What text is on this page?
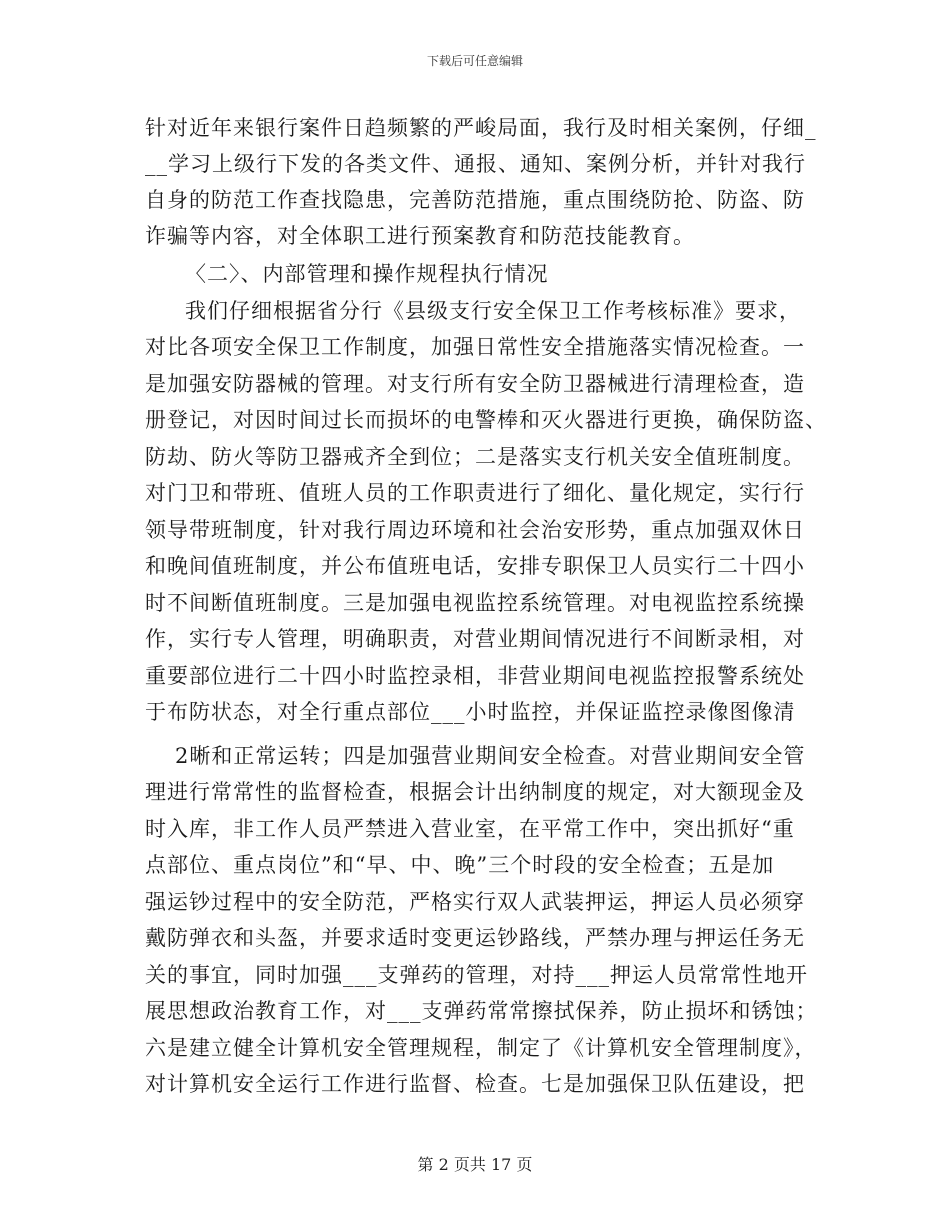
下载后可任意编辑
针对近年来银行案件日趋频繁的严峻局面，我行及时相关案例，仔细_
__学习上级行下发的各类文件、通报、通知、案例分析，并针对我行
自身的防范工作查找隐患，完善防范措施，重点围绕防抢、防盗、防
诈骗等内容，对全体职工进行预案教育和防范技能教育。
〈二〉、内部管理和操作规程执行情况
我们仔细根据省分行《县级支行安全保卫工作考核标准》要求，
对比各项安全保卫工作制度，加强日常性安全措施落实情况检查。一
是加强安防器械的管理。对支行所有安全防卫器械进行清理检查，造
册登记，对因时间过长而损坏的电警棒和灭火器进行更换，确保防盗、
防劫、防火等防卫器戒齐全到位；二是落实支行机关安全值班制度。
对门卫和带班、值班人员的工作职责进行了细化、量化规定，实行行
领导带班制度，针对我行周边环境和社会治安形势，重点加强双休日
和晚间值班制度，并公布值班电话，安排专职保卫人员实行二十四小
时不间断值班制度。三是加强电视监控系统管理。对电视监控系统操
作，实行专人管理，明确职责，对营业期间情况进行不间断录相，对
重要部位进行二十四小时监控录相，非营业期间电视监控报警系统处
于布防状态，对全行重点部位___小时监控，并保证监控录像图像清
2晰和正常运转；四是加强营业期间安全检查。对营业期间安全管
理进行常常性的监督检查，根据会计出纳制度的规定，对大额现金及
时入库，非工作人员严禁进入营业室，在平常工作中，突出抓好“重
点部位、重点岗位”和“早、中、晚”三个时段的安全检查；五是加
强运钞过程中的安全防范，严格实行双人武装押运，押运人员必须穿
戴防弹衣和头盔，并要求适时变更运钞路线，严禁办理与押运任务无
关的事宜，同时加强___支弹药的管理，对持___押运人员常常性地开
展思想政治教育工作，对___支弹药常常擦拭保养，防止损坏和锈蚀；
六是建立健全计算机安全管理规程，制定了《计算机安全管理制度》，
对计算机安全运行工作进行监督、检查。七是加强保卫队伍建设，把
第 2 页共 17 页
